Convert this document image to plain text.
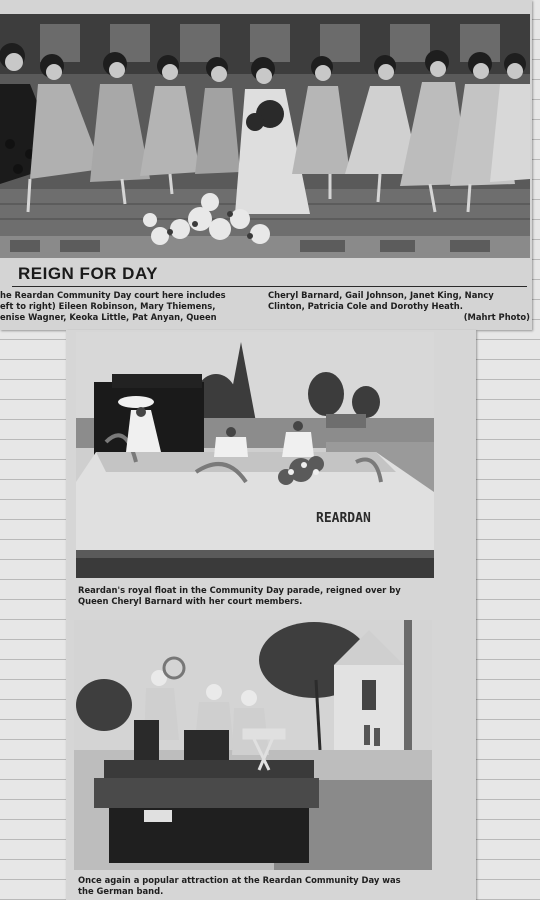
REIGN FOR DAY
he Reardan Community Day court here includes
eft to right) Eileen Robinson, Mary Thiemens,
enise Wagner, Keoka Little, Pat Anyan, Queen
Cheryl Barnard, Gail Johnson, Janet King, Nancy
Clinton, Patricia Cole and Dorothy Heath.
(Mahrt Photo)
REARDAN
Reardan's royal float in the Community Day parade, reigned over by
Queen Cheryl Barnard with her court members.
Once again a popular attraction at the Reardan Community Day was
the German band.
